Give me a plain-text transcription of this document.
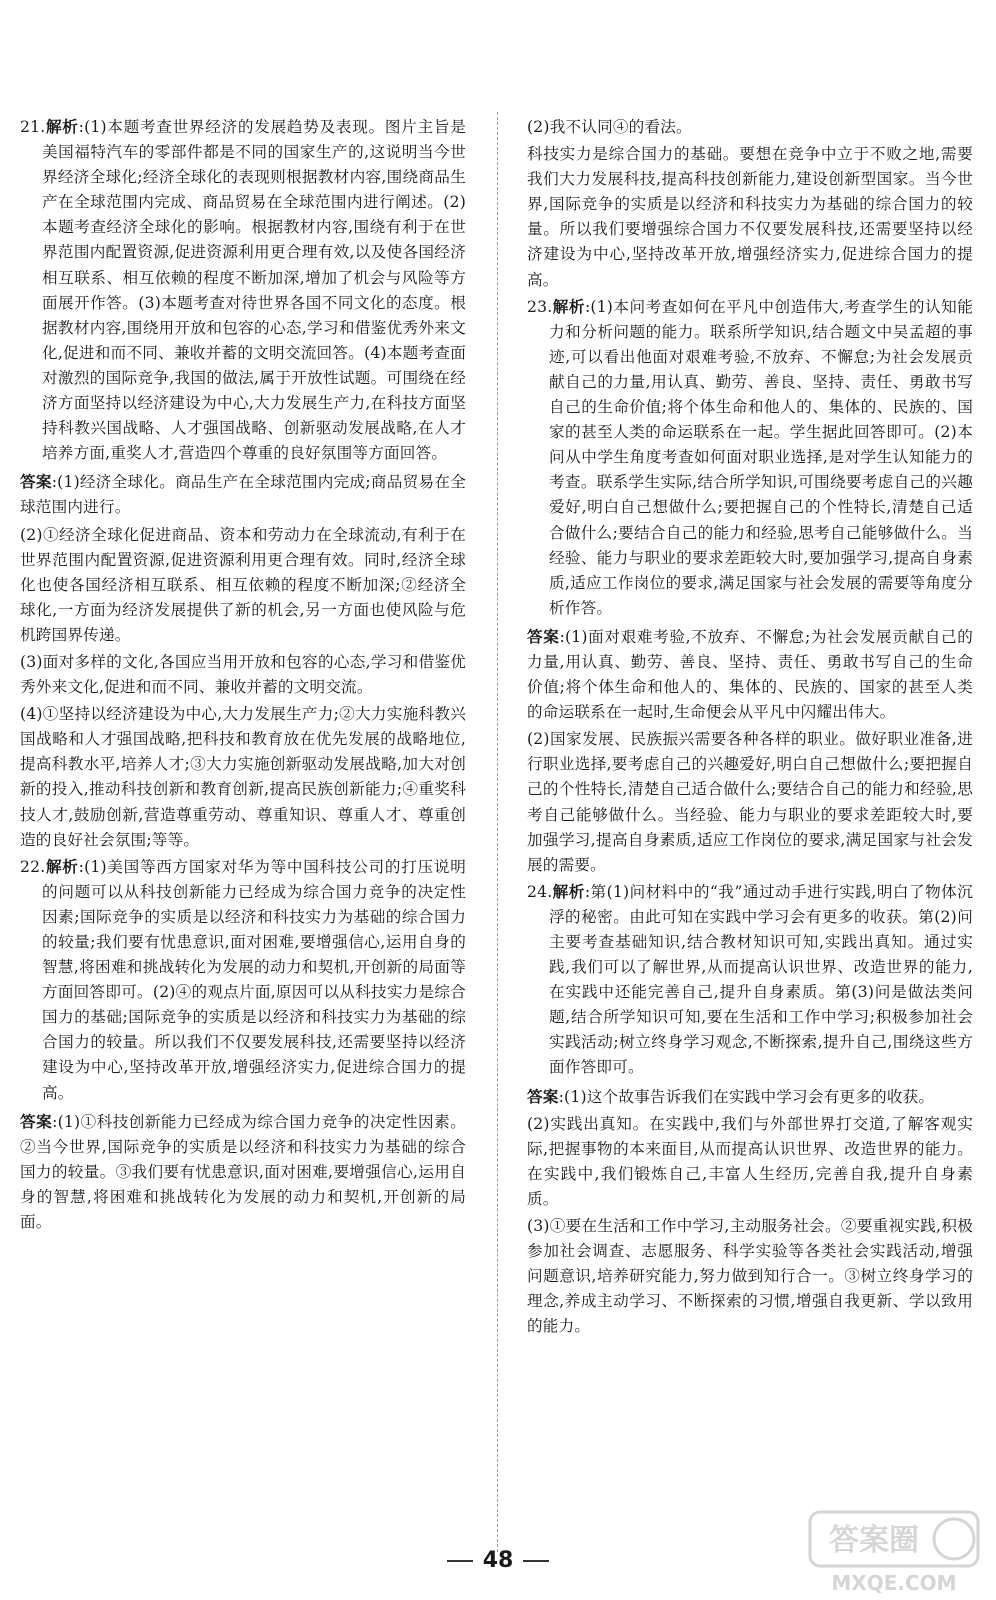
21.解析:(1)本题考查世界经济的发展趋势及表现。图片主旨是美国福特汽车的零部件都是不同的国家生产的,这说明当今世界经济全球化;经济全球化的表现则根据教材内容,围绕商品生产在全球范围内完成、商品贸易在全球范围内进行阐述。(2)本题考查经济全球化的影响。根据教材内容,围绕有利于在世界范围内配置资源,促进资源利用更合理有效,以及使各国经济相互联系、相互依赖的程度不断加深,增加了机会与风险等方面展开作答。(3)本题考查对待世界各国不同文化的态度。根据教材内容,围绕用开放和包容的心态,学习和借鉴优秀外来文化,促进和而不同、兼收并蓄的文明交流回答。(4)本题考查面对激烈的国际竞争,我国的做法,属于开放性试题。可围绕在经济方面坚持以经济建设为中心,大力发展生产力,在科技方面坚持科教兴国战略、人才强国战略、创新驱动发展战略,在人才培养方面,重奖人才,营造四个尊重的良好氛围等方面回答。
答案:(1)经济全球化。商品生产在全球范围内完成;商品贸易在全球范围内进行。
(2)①经济全球化促进商品、资本和劳动力在全球流动,有利于在世界范围内配置资源,促进资源利用更合理有效。同时,经济全球化也使各国经济相互联系、相互依赖的程度不断加深;②经济全球化,一方面为经济发展提供了新的机会,另一方面也使风险与危机跨国界传递。
(3)面对多样的文化,各国应当用开放和包容的心态,学习和借鉴优秀外来文化,促进和而不同、兼收并蓄的文明交流。
(4)①坚持以经济建设为中心,大力发展生产力;②大力实施科教兴国战略和人才强国战略,把科技和教育放在优先发展的战略地位,提高科教水平,培养人才;③大力实施创新驱动发展战略,加大对创新的投入,推动科技创新和教育创新,提高民族创新能力;④重奖科技人才,鼓励创新,营造尊重劳动、尊重知识、尊重人才、尊重创造的良好社会氛围;等等。
22.解析:(1)美国等西方国家对华为等中国科技公司的打压说明的问题可以从科技创新能力已经成为综合国力竞争的决定性因素;国际竞争的实质是以经济和科技实力为基础的综合国力的较量;我们要有忧患意识,面对困难,要增强信心,运用自身的智慧,将困难和挑战转化为发展的动力和契机,开创新的局面等方面回答即可。(2)④的观点片面,原因可以从科技实力是综合国力的基础;国际竞争的实质是以经济和科技实力为基础的综合国力的较量。所以我们不仅要发展科技,还需要坚持以经济建设为中心,坚持改革开放,增强经济实力,促进综合国力的提高。
答案:(1)①科技创新能力已经成为综合国力竞争的决定性因素。②当今世界,国际竞争的实质是以经济和科技实力为基础的综合国力的较量。③我们要有忧患意识,面对困难,要增强信心,运用自身的智慧,将困难和挑战转化为发展的动力和契机,开创新的局面。
(2)我不认同④的看法。
科技实力是综合国力的基础。要想在竞争中立于不败之地,需要我们大力发展科技,提高科技创新能力,建设创新型国家。当今世界,国际竞争的实质是以经济和科技实力为基础的综合国力的较量。所以我们要增强综合国力不仅要发展科技,还需要坚持以经济建设为中心,坚持改革开放,增强经济实力,促进综合国力的提高。
23.解析:(1)本问考查如何在平凡中创造伟大,考查学生的认知能力和分析问题的能力。联系所学知识,结合题文中吴孟超的事迹,可以看出他面对艰难考验,不放弃、不懈怠;为社会发展贡献自己的力量,用认真、勤劳、善良、坚持、责任、勇敢书写自己的生命价值;将个体生命和他人的、集体的、民族的、国家的甚至人类的命运联系在一起。学生据此回答即可。(2)本问从中学生角度考查如何面对职业选择,是对学生认知能力的考查。联系学生实际,结合所学知识,可围绕要考虑自己的兴趣爱好,明白自己想做什么;要把握自己的个性特长,清楚自己适合做什么;要结合自己的能力和经验,思考自己能够做什么。当经验、能力与职业的要求差距较大时,要加强学习,提高自身素质,适应工作岗位的要求,满足国家与社会发展的需要等角度分析作答。
答案:(1)面对艰难考验,不放弃、不懈怠;为社会发展贡献自己的力量,用认真、勤劳、善良、坚持、责任、勇敢书写自己的生命价值;将个体生命和他人的、集体的、民族的、国家的甚至人类的命运联系在一起时,生命便会从平凡中闪耀出伟大。
(2)国家发展、民族振兴需要各种各样的职业。做好职业准备,进行职业选择,要考虑自己的兴趣爱好,明白自己想做什么;要把握自己的个性特长,清楚自己适合做什么;要结合自己的能力和经验,思考自己能够做什么。当经验、能力与职业的要求差距较大时,要加强学习,提高自身素质,适应工作岗位的要求,满足国家与社会发展的需要。
24.解析:第(1)问材料中的“我”通过动手进行实践,明白了物体沉浮的秘密。由此可知在实践中学习会有更多的收获。第(2)问主要考查基础知识,结合教材知识可知,实践出真知。通过实践,我们可以了解世界,从而提高认识世界、改造世界的能力,在实践中还能完善自己,提升自身素质。第(3)问是做法类问题,结合所学知识可知,要在生活和工作中学习;积极参加社会实践活动;树立终身学习观念,不断探索,提升自己,围绕这些方面作答即可。
答案:(1)这个故事告诉我们在实践中学习会有更多的收获。
(2)实践出真知。在实践中,我们与外部世界打交道,了解客观实际,把握事物的本来面目,从而提高认识世界、改造世界的能力。在实践中,我们锻炼自己,丰富人生经历,完善自我,提升自身素质。
(3)①要在生活和工作中学习,主动服务社会。②要重视实践,积极参加社会调查、志愿服务、科学实验等各类社会实践活动,增强问题意识,培养研究能力,努力做到知行合一。③树立终身学习的理念,养成主动学习、不断探索的习惯,增强自我更新、学以致用的能力。
48
答案圈
MXQE.COM
